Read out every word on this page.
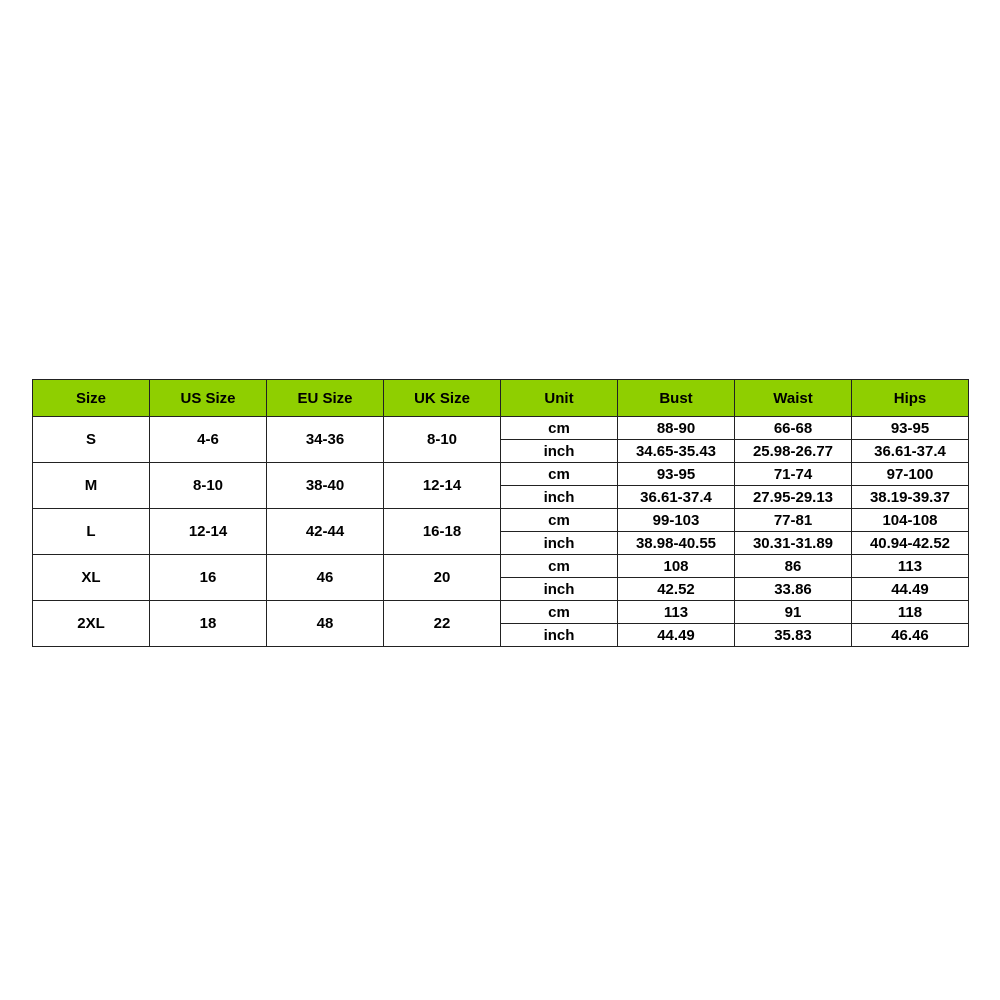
Size	US Size	EU Size	UK Size	Unit	Bust	Waist	Hips
S	4-6	34-36	8-10	cm	88-90	66-68	93-95
				inch	34.65-35.43	25.98-26.77	36.61-37.4
M	8-10	38-40	12-14	cm	93-95	71-74	97-100
				inch	36.61-37.4	27.95-29.13	38.19-39.37
L	12-14	42-44	16-18	cm	99-103	77-81	104-108
				inch	38.98-40.55	30.31-31.89	40.94-42.52
XL	16	46	20	cm	108	86	113
				inch	42.52	33.86	44.49
2XL	18	48	22	cm	113	91	118
				inch	44.49	35.83	46.46
